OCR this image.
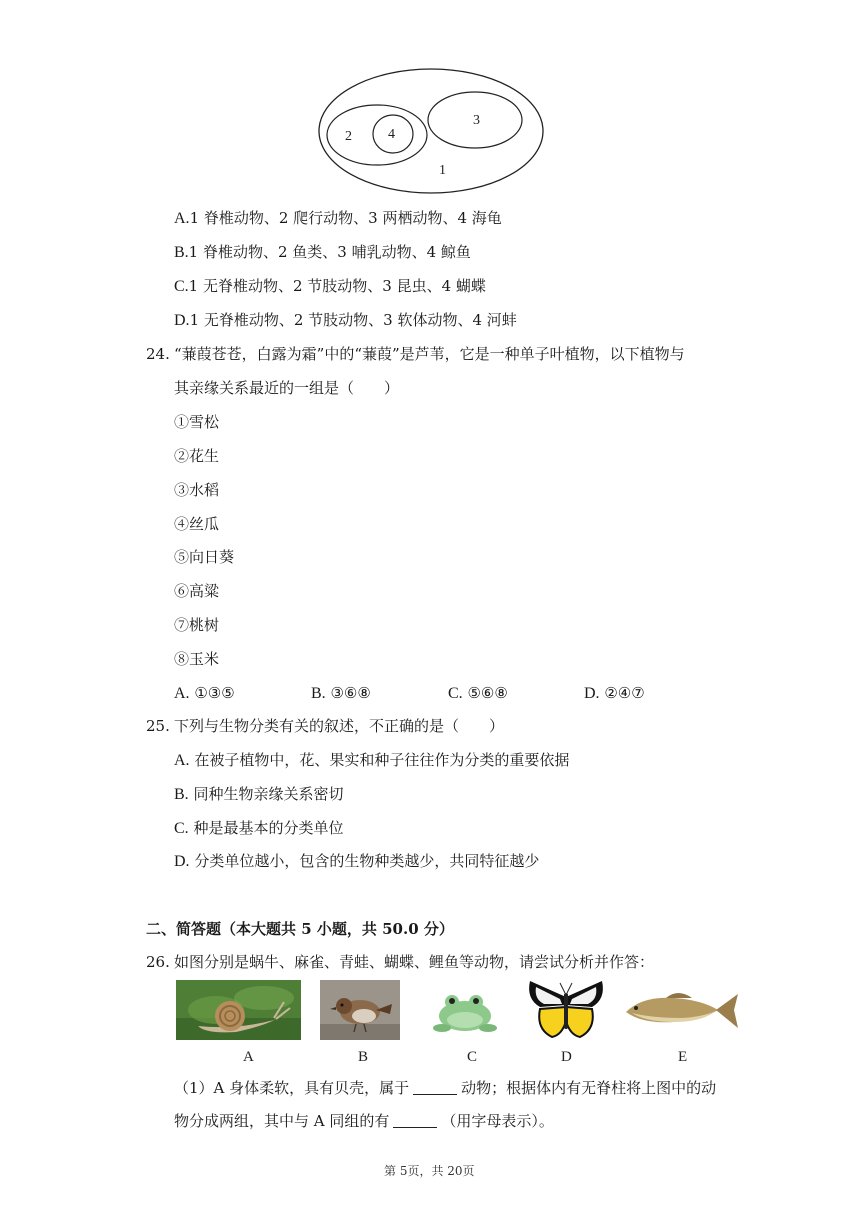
1
2	4
3
A.1 脊椎动物、2 爬行动物、3 两栖动物、4 海龟
B.1 脊椎动物、2 鱼类、3 哺乳动物、4 鲸鱼
C.1 无脊椎动物、2 节肢动物、3 昆虫、4 蝴蝶
D.1 无脊椎动物、2 节肢动物、3 软体动物、4 河蚌
24. “蒹葭苍苍，白露为霜”中的“蒹葭”是芦苇，它是一种单子叶植物，以下植物与
其亲缘关系最近的一组是（　　）
①雪松
②花生
③水稻
④丝瓜
⑤向日葵
⑥高粱
⑦桃树
⑧玉米
A. ①③⑤	B. ③⑥⑧	C. ⑤⑥⑧	D. ②④⑦
25. 下列与生物分类有关的叙述，不正确的是（　　）
A. 在被子植物中，花、果实和种子往往作为分类的重要依据
B. 同种生物亲缘关系密切
C. 种是最基本的分类单位
D. 分类单位越小，包含的生物种类越少，共同特征越少
二、简答题（本大题共 5 小题，共 50.0 分）
26. 如图分别是蜗牛、麻雀、青蛙、蝴蝶、鲤鱼等动物，请尝试分析并作答：
A	B	C	D	E
（1）A 身体柔软，具有贝壳，属于	动物；根据体内有无脊柱将上图中的动
物分成两组，其中与 A 同组的有	（用字母表示）。
第 5页，共 20页
